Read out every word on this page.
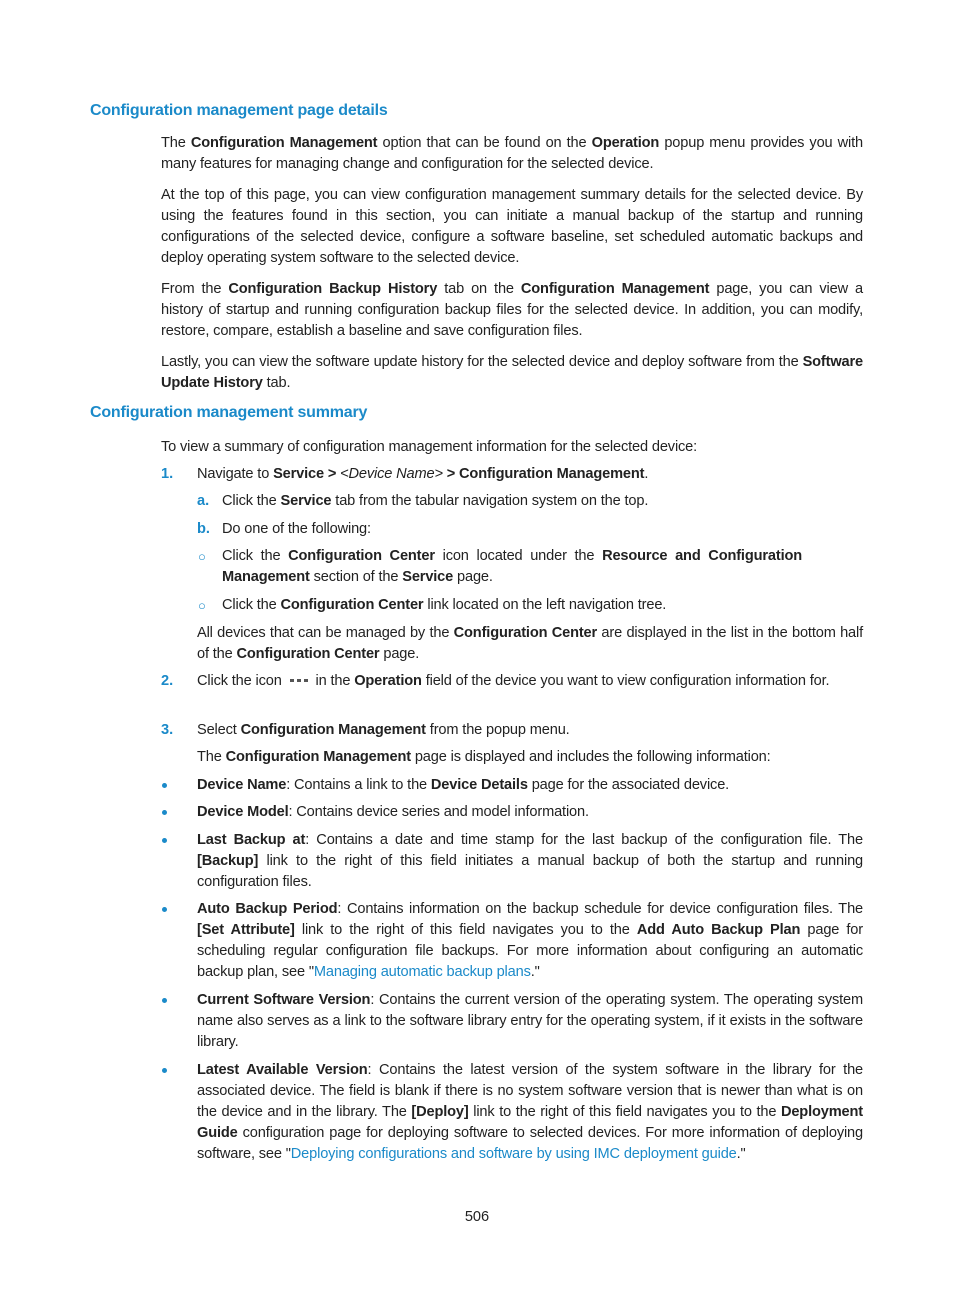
Configuration management page details

The Configuration Management option that can be found on the Operation popup menu provides you with many features for managing change and configuration for the selected device.

At the top of this page, you can view configuration management summary details for the selected device. By using the features found in this section, you can initiate a manual backup of the startup and running configurations of the selected device, configure a software baseline, set scheduled automatic backups and deploy operating system software to the selected device.

From the Configuration Backup History tab on the Configuration Management page, you can view a history of startup and running configuration backup files for the selected device. In addition, you can modify, restore, compare, establish a baseline and save configuration files.

Lastly, you can view the software update history for the selected device and deploy software from the Software Update History tab.

Configuration management summary

To view a summary of configuration management information for the selected device:

1. Navigate to Service > <Device Name> > Configuration Management.

a. Click the Service tab from the tabular navigation system on the top.

b. Do one of the following:

○ Click the Configuration Center icon located under the Resource and Configuration Management section of the Service page.

○ Click the Configuration Center link located on the left navigation tree.

All devices that can be managed by the Configuration Center are displayed in the list in the bottom half of the Configuration Center page.

2. Click the icon
in the Operation field of the device you want to view configuration information for.

3. Select Configuration Management from the popup menu.

The Configuration Management page is displayed and includes the following information:

Device Name: Contains a link to the Device Details page for the associated device.

Device Model: Contains device series and model information.

Last Backup at: Contains a date and time stamp for the last backup of the configuration file. The [Backup] link to the right of this field initiates a manual backup of both the startup and running configuration files.

Auto Backup Period: Contains information on the backup schedule for device configuration files. The [Set Attribute] link to the right of this field navigates you to the Add Auto Backup Plan page for scheduling regular configuration file backups. For more information about configuring an automatic backup plan, see "Managing automatic backup plans."

Current Software Version: Contains the current version of the operating system. The operating system name also serves as a link to the software library entry for the operating system, if it exists in the software library.

Latest Available Version: Contains the latest version of the system software in the library for the associated device. The field is blank if there is no system software version that is newer than what is on the device and in the library. The [Deploy] link to the right of this field navigates you to the Deployment Guide configuration page for deploying software to selected devices. For more information of deploying software, see "Deploying configurations and software by using IMC deployment guide."

506
